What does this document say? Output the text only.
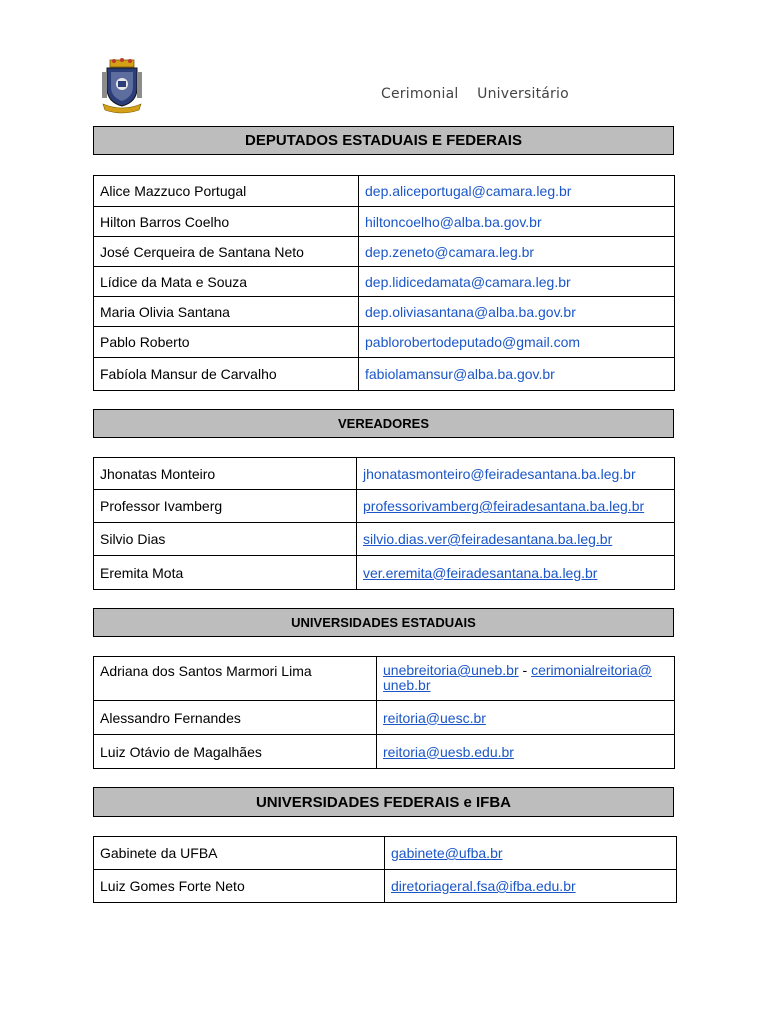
Cerimonial Universitário
DEPUTADOS ESTADUAIS E FEDERAIS
Alice Mazzuco Portugal	dep.aliceportugal@camara.leg.br
Hilton Barros Coelho	hiltoncoelho@alba.ba.gov.br
José Cerqueira de Santana Neto	dep.zeneto@camara.leg.br
Lídice da Mata e Souza	dep.lidicedamata@camara.leg.br
Maria Olivia Santana	dep.oliviasantana@alba.ba.gov.br
Pablo Roberto	pablorobertodeputado@gmail.com
Fabíola Mansur de Carvalho	fabiolamansur@alba.ba.gov.br
VEREADORES
Jhonatas Monteiro	jhonatasmonteiro@feiradesantana.ba.leg.br
Professor Ivamberg	professorivamberg@feiradesantana.ba.leg.br
Silvio Dias	silvio.dias.ver@feiradesantana.ba.leg.br
Eremita Mota	ver.eremita@feiradesantana.ba.leg.br
UNIVERSIDADES ESTADUAIS
Adriana dos Santos Marmori Lima	unebreitoria@uneb.br - cerimonialreitoria@
uneb.br
Alessandro Fernandes	reitoria@uesc.br
Luiz Otávio de Magalhães	reitoria@uesb.edu.br
UNIVERSIDADES FEDERAIS e IFBA
Gabinete da UFBA	gabinete@ufba.br
Luiz Gomes Forte Neto	diretoriageral.fsa@ifba.edu.br
